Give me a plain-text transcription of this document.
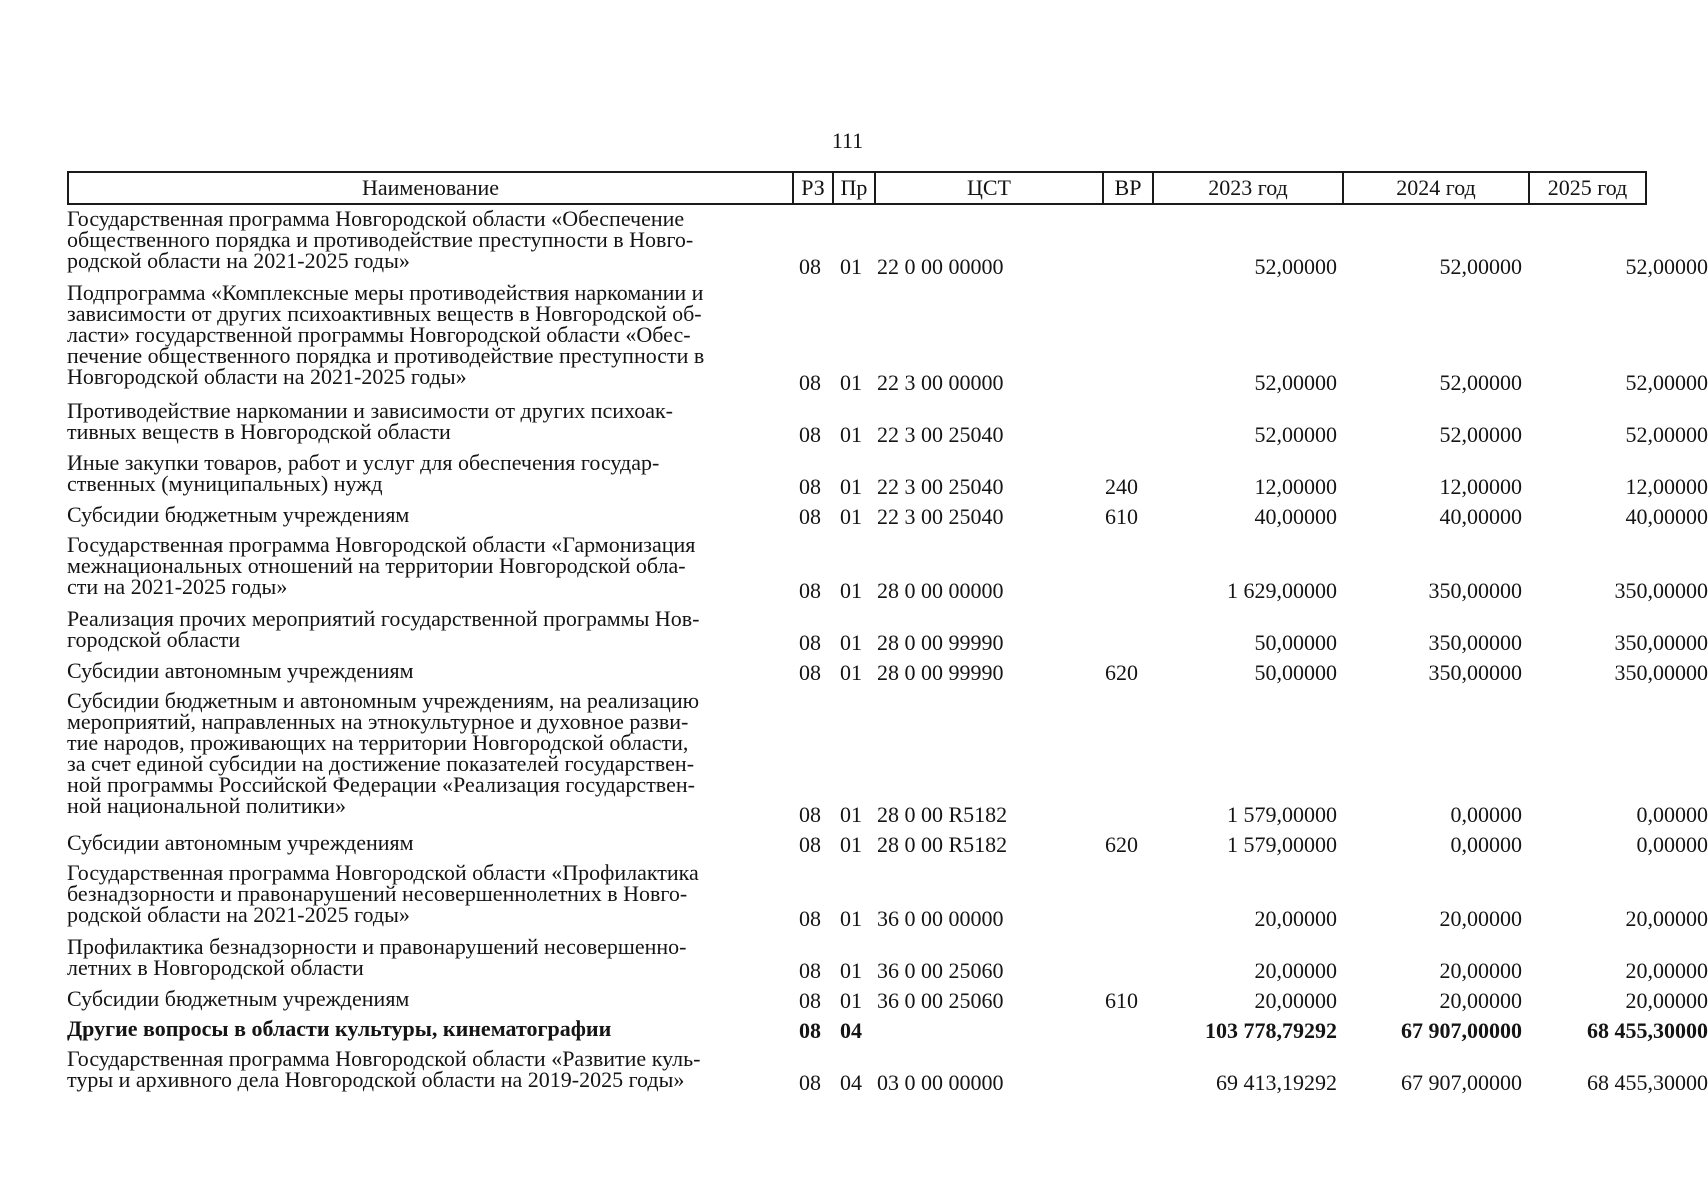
111
Наименование	РЗ Пр	ЦСТ	ВР	2023 год	2024 год	2025 год
Государственная программа Новгородской области «Обеспечение
общественного порядка и противодействие преступности в Новго-
родской области на 2021-2025 годы»	08 01 22 0 00 00000	52,00000	52,00000	52,00000
Подпрограмма «Комплексные меры противодействия наркомании и
зависимости от других психоактивных веществ в Новгородской об-
ласти» государственной программы Новгородской области «Обес-
печение общественного порядка и противодействие преступности в
Новгородской области на 2021-2025 годы»	08 01 22 3 00 00000	52,00000	52,00000	52,00000
Противодействие наркомании и зависимости от других психоак-
тивных веществ в Новгородской области	08 01 22 3 00 25040	52,00000	52,00000	52,00000
Иные закупки товаров, работ и услуг для обеспечения государ-
ственных (муниципальных) нужд	08 01 22 3 00 25040	240	12,00000	12,00000	12,00000
Субсидии бюджетным учреждениям	08 01 22 3 00 25040	610	40,00000	40,00000	40,00000
Государственная программа Новгородской области «Гармонизация
межнациональных отношений на территории Новгородской обла-
сти на 2021-2025 годы»	08 01 28 0 00 00000	1 629,00000	350,00000	350,00000
Реализация прочих мероприятий государственной программы Нов-
городской области	08 01 28 0 00 99990	50,00000	350,00000	350,00000
Субсидии автономным учреждениям	08 01 28 0 00 99990	620	50,00000	350,00000	350,00000
Субсидии бюджетным и автономным учреждениям, на реализацию
мероприятий, направленных на этнокультурное и духовное разви-
тие народов, проживающих на территории Новгородской области,
за счет единой субсидии на достижение показателей государствен-
ной программы Российской Федерации «Реализация государствен-
ной национальной политики»	08 01 28 0 00 R5182	1 579,00000	0,00000	0,00000
Субсидии автономным учреждениям	08 01 28 0 00 R5182	620	1 579,00000	0,00000	0,00000
Государственная программа Новгородской области «Профилактика
безнадзорности и правонарушений несовершеннолетних в Новго-
родской области на 2021-2025 годы»	08 01 36 0 00 00000	20,00000	20,00000	20,00000
Профилактика безнадзорности и правонарушений несовершенно-
летних в Новгородской области	08 01 36 0 00 25060	20,00000	20,00000	20,00000
Субсидии бюджетным учреждениям	08 01 36 0 00 25060	610	20,00000	20,00000	20,00000
Другие вопросы в области культуры, кинематографии	08 04	103 778,79292	67 907,00000	68 455,30000
Государственная программа Новгородской области «Развитие куль-
туры и архивного дела Новгородской области на 2019-2025 годы»	08 04 03 0 00 00000	69 413,19292	67 907,00000	68 455,30000
